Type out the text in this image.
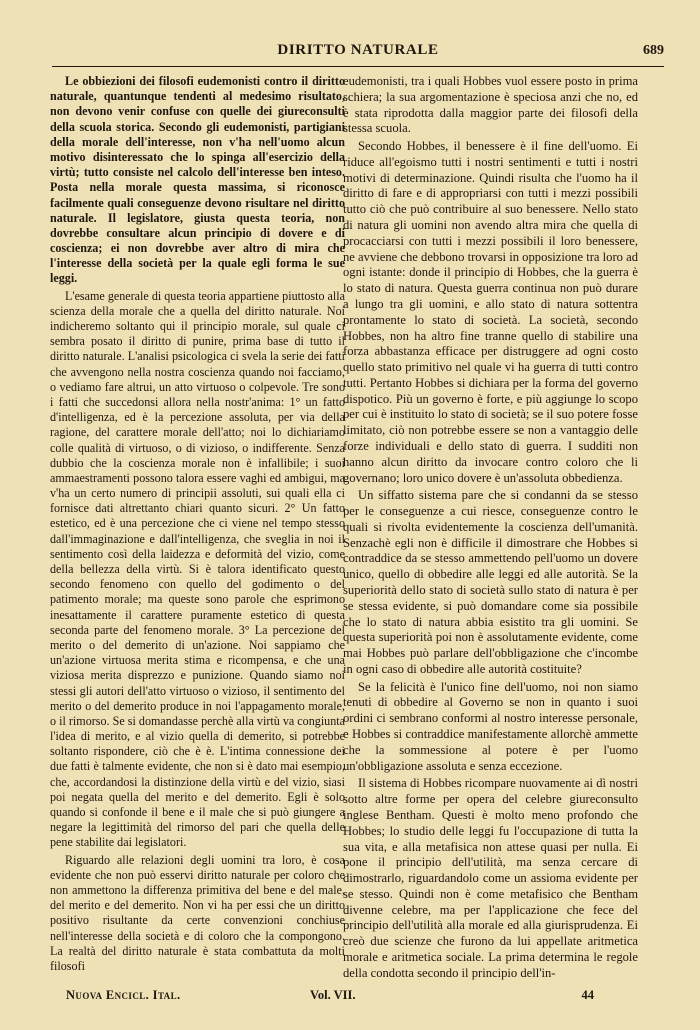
DIRITTO NATURALE	689

Le obbiezioni dei filosofi eudemonisti contro il diritto naturale, quantunque tendenti al medesimo risultato, non devono venir confuse con quelle dei giureconsulti della scuola storica. Secondo gli eudemonisti, partigiani della morale dell'interesse, non v'ha nell'uomo alcun motivo disinteressato che lo spinga all'esercizio della virtù; tutto consiste nel calcolo dell'interesse ben inteso. Posta nella morale questa massima, si riconosce facilmente quali conseguenze devono risultare nel diritto naturale. Il legislatore, giusta questa teoria, non dovrebbe consultare alcun principio di dovere e di coscienza; ei non dovrebbe aver altro di mira che l'interesse della società per la quale egli forma le sue leggi.

L'esame generale di questa teoria appartiene piuttosto alla scienza della morale che a quella del diritto naturale. Noi indicheremo soltanto qui il principio morale, sul quale ci sembra posato il diritto di punire, prima base di tutto il diritto naturale. L'analisi psicologica ci svela la serie dei fatti che avvengono nella nostra coscienza quando noi facciamo, o vediamo fare altrui, un atto virtuoso o colpevole. Tre sono i fatti che succedonsi allora nella nostr'anima: 1° un fatto d'intelligenza, ed è la percezione assoluta, per via della ragione, del carattere morale dell'atto; noi lo dichiariamo colle qualità di virtuoso, o di vizioso, o indifferente. Senza dubbio che la coscienza morale non è infallibile; i suoi ammaestramenti possono talora essere vaghi ed ambigui, ma v'ha un certo numero di principii assoluti, sui quali ella ci fornisce dati altrettanto chiari quanto sicuri. 2° Un fatto estetico, ed è una percezione che ci viene nel tempo stesso dall'immaginazione e dall'intelligenza, che sveglia in noi il sentimento così della laidezza e deformità del vizio, come della bellezza della virtù. Si è talora identificato questo secondo fenomeno con quello del godimento o del patimento morale; ma queste sono parole che esprimono inesattamente il carattere puramente estetico di questa seconda parte del fenomeno morale. 3° La percezione del merito o del demerito di un'azione. Noi sappiamo che un'azione virtuosa merita stima e ricompensa, e che una viziosa merita disprezzo e punizione. Quando siamo noi stessi gli autori dell'atto virtuoso o vizioso, il sentimento del merito o del demerito produce in noi l'appagamento morale, o il rimorso. Se si domandasse perchè alla virtù va congiunta l'idea di merito, e al vizio quella di demerito, si potrebbe soltanto rispondere, ciò che è è. L'intima connessione dei due fatti è talmente evidente, che non si è dato mai esempio, che, accordandosi la distinzione della virtù e del vizio, siasi poi negata quella del merito e del demerito. Egli è solo quando si confonde il bene e il male che si può giungere a negare la legittimità del rimorso del pari che quella delle pene stabilite dai legislatori.

Riguardo alle relazioni degli uomini tra loro, è cosa evidente che non può esservi diritto naturale per coloro che non ammettono la differenza primitiva del bene e del male, del merito e del demerito. Non vi ha per essi che un diritto positivo risultante da certe convenzioni conchiuse nell'interesse della società e di coloro che la compongono. La realtà del diritto naturale è stata combattuta da molti filosofi

eudemonisti, tra i quali Hobbes vuol essere posto in prima schiera; la sua argomentazione è speciosa anzi che no, ed è stata riprodotta dalla maggior parte dei filosofi della stessa scuola.

Secondo Hobbes, il benessere è il fine dell'uomo. Ei riduce all'egoismo tutti i nostri sentimenti e tutti i nostri motivi di determinazione. Quindi risulta che l'uomo ha il diritto di fare e di appropriarsi con tutti i mezzi possibili tutto ciò che può contribuire al suo benessere. Nello stato di natura gli uomini non avendo altra mira che quella di procacciarsi con tutti i mezzi possibili il loro benessere, ne avviene che debbono trovarsi in opposizione tra loro ad ogni istante: donde il principio di Hobbes, che la guerra è lo stato di natura. Questa guerra continua non può durare a lungo tra gli uomini, e allo stato di natura sottentra prontamente lo stato di società. La società, secondo Hobbes, non ha altro fine tranne quello di stabilire una forza abbastanza efficace per distruggere ad ogni costo quello stato primitivo nel quale vi ha guerra di tutti contro tutti. Pertanto Hobbes si dichiara per la forma del governo dispotico. Più un governo è forte, e più aggiunge lo scopo per cui è instituito lo stato di società; se il suo potere fosse limitato, ciò non potrebbe essere se non a vantaggio delle forze individuali e dello stato di guerra. I sudditi non hanno alcun diritto da invocare contro coloro che li governano; loro unico dovere è un'assoluta obbedienza.

Un siffatto sistema pare che si condanni da se stesso per le conseguenze a cui riesce, conseguenze contro le quali si rivolta evidentemente la coscienza dell'umanità. Senzachè egli non è difficile il dimostrare che Hobbes si contraddice da se stesso ammettendo pell'uomo un dovere unico, quello di obbedire alle leggi ed alle autorità. Se la superiorità dello stato di società sullo stato di natura è per se stessa evidente, si può domandare come sia possibile che lo stato di natura abbia esistito tra gli uomini. Se questa superiorità poi non è assolutamente evidente, come mai Hobbes può parlare dell'obbligazione che c'incombe in ogni caso di obbedire alle autorità costituite?

Se la felicità è l'unico fine dell'uomo, noi non siamo tenuti di obbedire al Governo se non in quanto i suoi ordini ci sembrano conformi al nostro interesse personale, e Hobbes si contraddice manifestamente allorchè ammette che la sommessione al potere è per l'uomo un'obbligazione assoluta e senza eccezione.

Il sistema di Hobbes ricompare nuovamente ai dì nostri sotto altre forme per opera del celebre giureconsulto inglese Bentham. Questi è molto meno profondo che Hobbes; lo studio delle leggi fu l'occupazione di tutta la sua vita, e alla metafisica non attese quasi per nulla. Ei pone il principio dell'utilità, ma senza cercare di dimostrarlo, riguardandolo come un assioma evidente per se stesso. Quindi non è come metafisico che Bentham divenne celebre, ma per l'applicazione che fece del principio dell'utilità alla morale ed alla giurisprudenza. Ei creò due scienze che furono da lui appellate aritmetica morale e aritmetica sociale. La prima determina le regole della condotta secondo il principio dell'in-

Nuova Encicl. Ital.	Vol. VII.	44
